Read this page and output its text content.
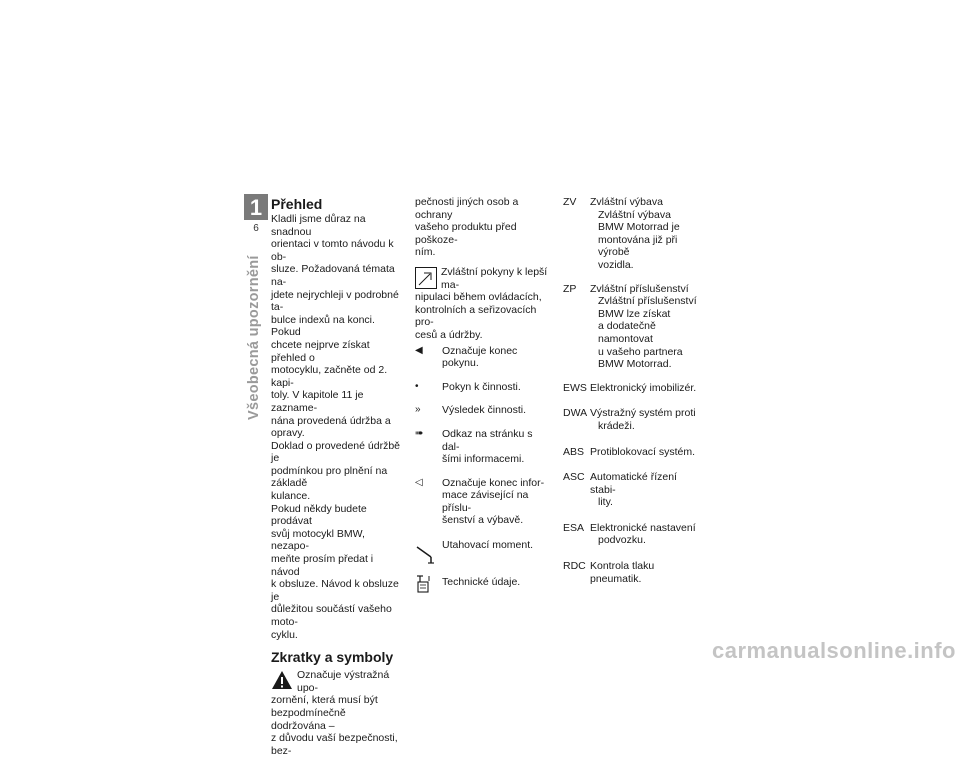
1
6
Všeobecná upozornění
Přehled
Kladli jsme důraz na snadnou
orientaci v tomto návodu k ob-
sluze. Požadovaná témata na-
jdete nejrychleji v podrobné ta-
bulce indexů na konci. Pokud
chcete nejprve získat přehled o
motocyklu, začněte od 2. kapi-
toly. V kapitole 11 je zazname-
nána provedená údržba a opravy.
Doklad o provedené údržbě je
podmínkou pro plnění na základě
kulance.
Pokud někdy budete prodávat
svůj motocykl BMW, nezapo-
meňte prosím předat i návod
k obsluze. Návod k obsluze je
důležitou součástí vašeho moto-
cyklu.
Zkratky a symboly
Označuje výstražná upo-
zornění, která musí být
bezpodmínečně dodržována –
z důvodu vaší bezpečnosti, bez-
pečnosti jiných osob a ochrany
vašeho produktu před poškoze-
ním.
Zvláštní pokyny k lepší ma-
nipulaci během ovládacích,
kontrolních a seřizovacích pro-
cesů a údržby.
◀	Označuje konec pokynu.
•	Pokyn k činnosti.
»	Výsledek činnosti.
➠	Odkaz na stránku s dal-
šími informacemi.
◁	Označuje konec infor-
mace závisející na příslu-
šenství a výbavě.
Utahovací moment.
Technické údaje.
ZV Zvláštní výbava
Zvláštní výbava
BMW Motorrad je
montována již při výrobě
vozidla.
ZP Zvláštní příslušenství
Zvláštní příslušenství
BMW lze získat
a dodatečně namontovat
u vašeho partnera
BMW Motorrad.
EWS Elektronický imobilizér.
DWA Výstražný systém proti
krádeži.
ABS Protiblokovací systém.
ASC Automatické řízení stabi-
lity.
ESA Elektronické nastavení
podvozku.
RDC Kontrola tlaku pneumatik.
carmanualsonline.info
